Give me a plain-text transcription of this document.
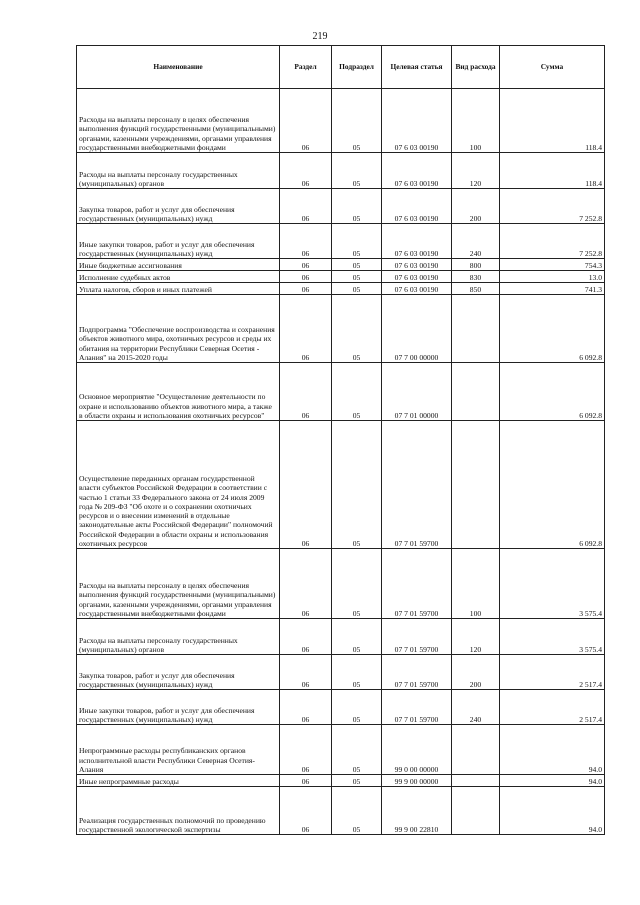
219
Наименование	Раздел	Подраздел	Целевая статья	Вид расхода	Сумма
Расходы на выплаты персоналу в целях обеспечения выполнения функций государственными (муниципальными) органами, казенными учреждениями, органами управления государственными внебюджетными фондами	06	05	07 6 03 00190	100	118.4
Расходы на выплаты персоналу государственных (муниципальных) органов	06	05	07 6 03 00190	120	118.4
Закупка товаров, работ и услуг для обеспечения государственных (муниципальных) нужд	06	05	07 6 03 00190	200	7 252.8
Иные закупки товаров, работ и услуг для обеспечения государственных (муниципальных) нужд	06	05	07 6 03 00190	240	7 252.8
Иные бюджетные ассигнования	06	05	07 6 03 00190	800	754.3
Исполнение судебных актов	06	05	07 6 03 00190	830	13.0
Уплата налогов, сборов и иных платежей	06	05	07 6 03 00190	850	741.3
Подпрограмма "Обеспечение воспроизводства и сохранения объектов животного мира, охотничьих ресурсов и среды их обитания на территории Республики Северная Осетия - Алания" на 2015-2020 годы	06	05	07 7 00 00000		6 092.8
Основное мероприятие "Осуществление деятельности по охране и использованию объектов животного мира, а также в области охраны и использования охотничьих ресурсов"	06	05	07 7 01 00000		6 092.8
Осуществление переданных органам государственной власти субъектов Российской Федерации в соответствии с частью 1 статьи 33 Федерального закона от 24 июля 2009 года № 209-ФЗ "Об охоте и о сохранении охотничьих ресурсов и о внесении изменений в отдельные законодательные акты Российской Федерации" полномочий Российской Федерации в области охраны и использования охотничьих ресурсов	06	05	07 7 01 59700		6 092.8
Расходы на выплаты персоналу в целях обеспечения выполнения функций государственными (муниципальными) органами, казенными учреждениями, органами управления государственными внебюджетными фондами	06	05	07 7 01 59700	100	3 575.4
Расходы на выплаты персоналу государственных (муниципальных) органов	06	05	07 7 01 59700	120	3 575.4
Закупка товаров, работ и услуг для обеспечения государственных (муниципальных) нужд	06	05	07 7 01 59700	200	2 517.4
Иные закупки товаров, работ и услуг для обеспечения государственных (муниципальных) нужд	06	05	07 7 01 59700	240	2 517.4
Непрограммные расходы республиканских органов исполнительной власти Республики Северная Осетия-Алания	06	05	99 0 00 00000		94.0
Иные непрограммные расходы	06	05	99 9 00 00000		94.0
Реализация государственных полномочий по проведению государственной экологической экспертизы	06	05	99 9 00 22810		94.0
